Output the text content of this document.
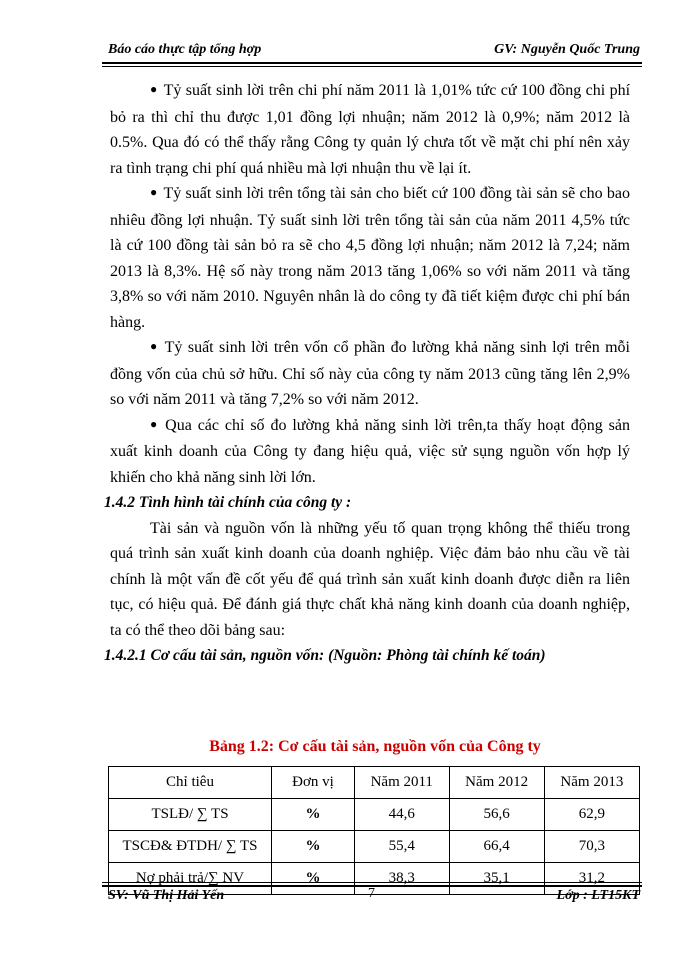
Báo cáo thực tập tổng hợp	GV: Nguyễn Quốc Trung

● Tỷ suất sinh lời trên chi phí năm 2011 là 1,01% tức cứ 100 đồng chi phí bỏ ra thì chỉ thu được 1,01 đồng lợi nhuận; năm 2012 là 0,9%; năm 2012 là 0.5%. Qua đó có thể thấy rằng Công ty quản lý chưa tốt về mặt chi phí nên xảy ra tình trạng chi phí quá nhiều mà lợi nhuận thu về lại ít.

● Tỷ suất sinh lời trên tổng tài sản cho biết cứ 100 đồng tài sản sẽ cho bao nhiêu đồng lợi nhuận. Tỷ suất sinh lời trên tổng tài sản của năm 2011 4,5% tức là cứ 100 đồng tài sản bỏ ra sẽ cho 4,5 đồng lợi nhuận; năm 2012 là 7,24; năm 2013 là 8,3%. Hệ số này trong năm 2013 tăng 1,06% so với năm 2011 và tăng 3,8% so với năm 2010. Nguyên nhân là do công ty đã tiết kiệm được chi phí bán hàng.

● Tỷ suất sinh lời trên vốn cổ phần đo lường khả năng sinh lợi trên mỗi đồng vốn của chủ sở hữu. Chỉ số này của công ty năm 2013 cũng tăng lên 2,9% so với năm 2011 và tăng 7,2% so với năm 2012.

● Qua các chỉ số đo lường khả năng sinh lời trên,ta thấy hoạt động sản xuất kinh doanh của Công ty đang hiệu quả, việc sử sụng nguồn vốn hợp lý khiến cho khả năng sinh lời lớn.

1.4.2 Tình hình tài chính của công ty :

Tài sản và nguồn vốn là những yếu tố quan trọng không thể thiếu trong quá trình sản xuất kinh doanh của doanh nghiệp. Việc đảm bảo nhu cầu về tài chính là một vấn đề cốt yếu để quá trình sản xuất kinh doanh được diễn ra liên tục, có hiệu quả. Để đánh giá thực chất khả năng kinh doanh của doanh nghiệp, ta có thể theo dõi bảng sau:

1.4.2.1 Cơ cấu tài sản, nguồn vốn: (Nguồn: Phòng tài chính kế toán)

Bảng 1.2: Cơ cấu tài sản, nguồn vốn của Công ty
Chỉ tiêu	Đơn vị	Năm 2011	Năm 2012	Năm 2013
TSLĐ/ ∑ TS	%	44,6	56,6	62,9
TSCĐ& ĐTDH/ ∑ TS	%	55,4	66,4	70,3
Nợ phải trả/∑ NV	%	38,3	35,1	31,2
SV: Vũ Thị Hải Yến	7	Lớp : LT15KT
